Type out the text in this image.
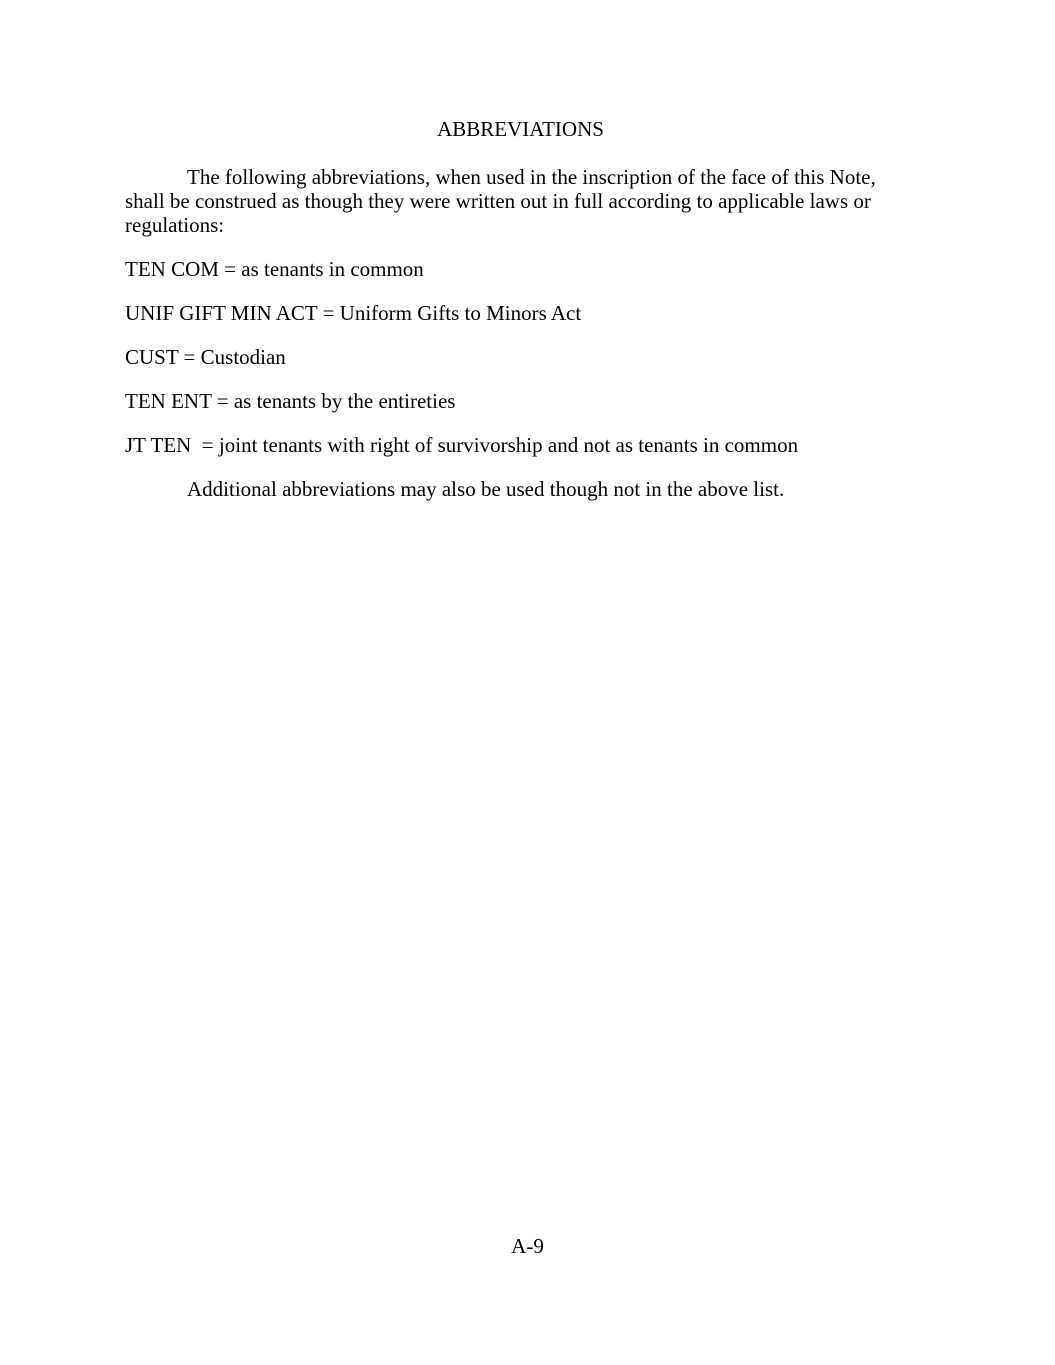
ABBREVIATIONS

The following abbreviations, when used in the inscription of the face of this Note, shall be construed as though they were written out in full according to applicable laws or regulations:

TEN COM = as tenants in common
UNIF GIFT MIN ACT = Uniform Gifts to Minors Act
CUST = Custodian
TEN ENT = as tenants by the entireties
JT TEN  = joint tenants with right of survivorship and not as tenants in common

Additional abbreviations may also be used though not in the above list.

A-9
